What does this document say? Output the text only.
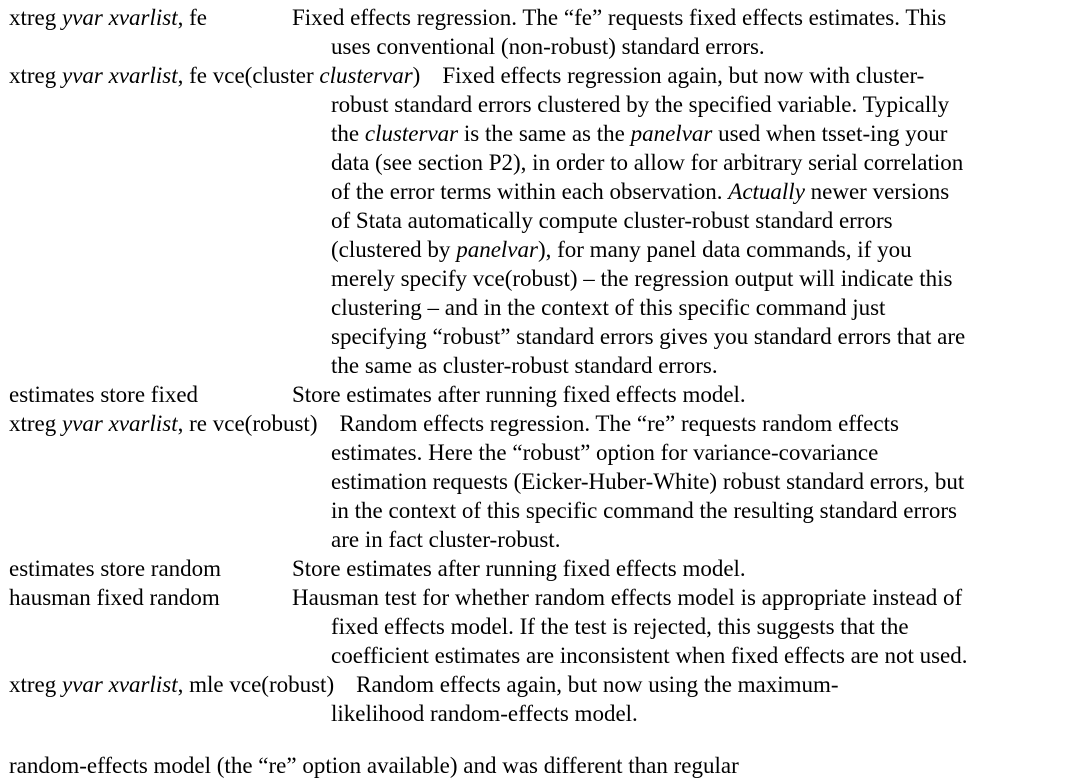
xtreg yvar xvarlist, fe	Fixed effects regression. The “fe” requests fixed effects estimates. This
uses conventional (non-robust) standard errors.
xtreg yvar xvarlist, fe vce(cluster clustervar) Fixed effects regression again, but now with cluster-
robust standard errors clustered by the specified variable. Typically
the clustervar is the same as the panelvar used when tsset-ing your
data (see section P2), in order to allow for arbitrary serial correlation
of the error terms within each observation. Actually newer versions
of Stata automatically compute cluster-robust standard errors
(clustered by panelvar), for many panel data commands, if you
merely specify vce(robust) – the regression output will indicate this
clustering – and in the context of this specific command just
specifying “robust” standard errors gives you standard errors that are
the same as cluster-robust standard errors.
estimates store fixed	Store estimates after running fixed effects model.
xtreg yvar xvarlist, re vce(robust) Random effects regression. The “re” requests random effects
estimates. Here the “robust” option for variance-covariance
estimation requests (Eicker-Huber-White) robust standard errors, but
in the context of this specific command the resulting standard errors
are in fact cluster-robust.
estimates store random	Store estimates after running fixed effects model.
hausman fixed random	Hausman test for whether random effects model is appropriate instead of
fixed effects model. If the test is rejected, this suggests that the
coefficient estimates are inconsistent when fixed effects are not used.
xtreg yvar xvarlist, mle vce(robust) Random effects again, but now using the maximum-
likelihood random-effects model.
random-effects model (the “re” option available) and was different than regular
